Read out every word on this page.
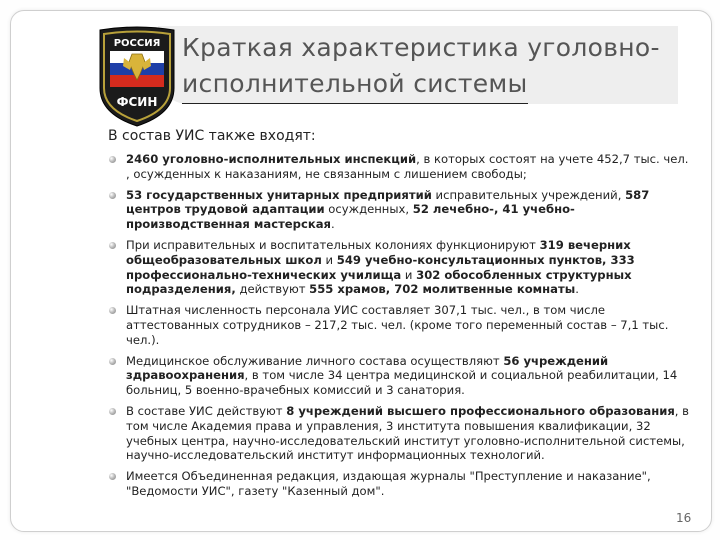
РОССИЯ
ФСИН
Краткая характеристика уголовно-
исполнительной системы
В состав УИС также входят:
2460 уголовно-исполнительных инспекций, в которых состоят на учете 452,7 тыс. чел. , осужденных к наказаниям, не связанным с лишением свободы;
53 государственных унитарных предприятий исправительных учреждений, 587 центров трудовой адаптации осужденных, 52 лечебно-, 41 учебно-производственная мастерская.
При исправительных и воспитательных колониях функционируют 319 вечерних общеобразовательных школ и 549 учебно-консультационных пунктов, 333 профессионально-технических училища и 302 обособленных структурных подразделения, действуют 555 храмов, 702 молитвенные комнаты.
Штатная численность персонала УИС составляет 307,1 тыс. чел., в том числе аттестованных сотрудников – 217,2 тыс. чел. (кроме того переменный состав – 7,1 тыс. чел.).
Медицинское обслуживание личного состава осуществляют 56 учреждений здравоохранения, в том числе 34 центра медицинской и социальной реабилитации, 14 больниц, 5 военно-врачебных комиссий и 3 санатория.
В составе УИС действуют 8 учреждений высшего профессионального образования, в том числе Академия права и управления, 3 института повышения квалификации, 32 учебных центра, научно-исследовательский институт уголовно-исполнительной системы, научно-исследовательский институт информационных технологий.
Имеется Объединенная редакция, издающая журналы "Преступление и наказание", "Ведомости УИС", газету "Казенный дом".
16
